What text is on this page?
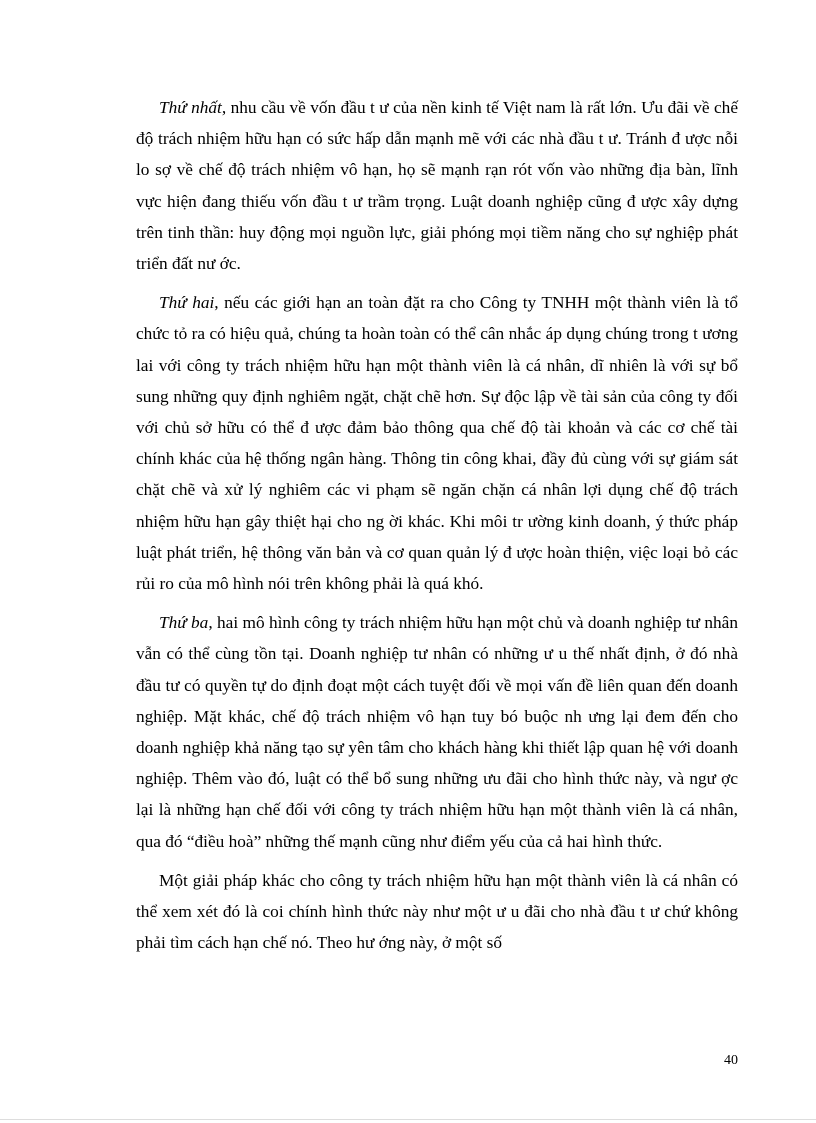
Thứ nhất, nhu cầu về vốn đầu t ư của nền kinh tế Việt nam là rất lớn. Ưu đãi về chế độ trách nhiệm hữu hạn có sức hấp dẫn mạnh mẽ với các nhà đầu t ư. Tránh đ ược nỗi lo sợ về chế độ trách nhiệm vô hạn, họ sẽ mạnh rạn rót vốn vào những địa bàn, lĩnh vực hiện đang thiếu vốn đầu t ư trầm trọng. Luật doanh nghiệp cũng đ ược xây dựng trên tinh thần: huy động mọi nguồn lực, giải phóng mọi tiềm năng cho sự nghiệp phát triển đất nư ớc.

Thứ hai, nếu các giới hạn an toàn đặt ra cho Công ty TNHH một thành viên là tổ chức tỏ ra có hiệu quả, chúng ta hoàn toàn có thể cân nhắc áp dụng chúng trong t ương lai với công ty trách nhiệm hữu hạn một thành viên là cá nhân, dĩ nhiên là với sự bổ sung những quy định nghiêm ngặt, chặt chẽ hơn. Sự độc lập về tài sản của công ty đối với chủ sở hữu có thể đ ược đảm bảo thông qua chế độ tài khoản và các cơ chế tài chính khác của hệ thống ngân hàng. Thông tin công khai, đầy đủ cùng với sự giám sát chặt chẽ và xử lý nghiêm các vi phạm sẽ ngăn chặn cá nhân lợi dụng chế độ trách nhiệm hữu hạn gây thiệt hại cho ng ời khác. Khi môi tr ường kinh doanh, ý thức pháp luật phát triển, hệ thông văn bản và cơ quan quản lý đ ược hoàn thiện, việc loại bỏ các rủi ro của mô hình nói trên không phải là quá khó.

Thứ ba, hai mô hình công ty trách nhiệm hữu hạn một chủ và doanh nghiệp tư nhân vẫn có thể cùng tồn tại. Doanh nghiệp tư nhân có những ư u thế nhất định, ở đó nhà đầu tư có quyền tự do định đoạt một cách tuyệt đối về mọi vấn đề liên quan đến doanh nghiệp. Mặt khác, chế độ trách nhiệm vô hạn tuy bó buộc nh ưng lại đem đến cho doanh nghiệp khả năng tạo sự yên tâm cho khách hàng khi thiết lập quan hệ với doanh nghiệp. Thêm vào đó, luật có thể bổ sung những ưu đãi cho hình thức này, và ngư ợc lại là những hạn chế đối với công ty trách nhiệm hữu hạn một thành viên là cá nhân, qua đó “điều hoà” những thế mạnh cũng như điểm yếu của cả hai hình thức.

Một giải pháp khác cho công ty trách nhiệm hữu hạn một thành viên là cá nhân có thể xem xét đó là coi chính hình thức này như một ư u đãi cho nhà đầu t ư chứ không phải tìm cách hạn chế nó. Theo hư ớng này, ở một số

40
